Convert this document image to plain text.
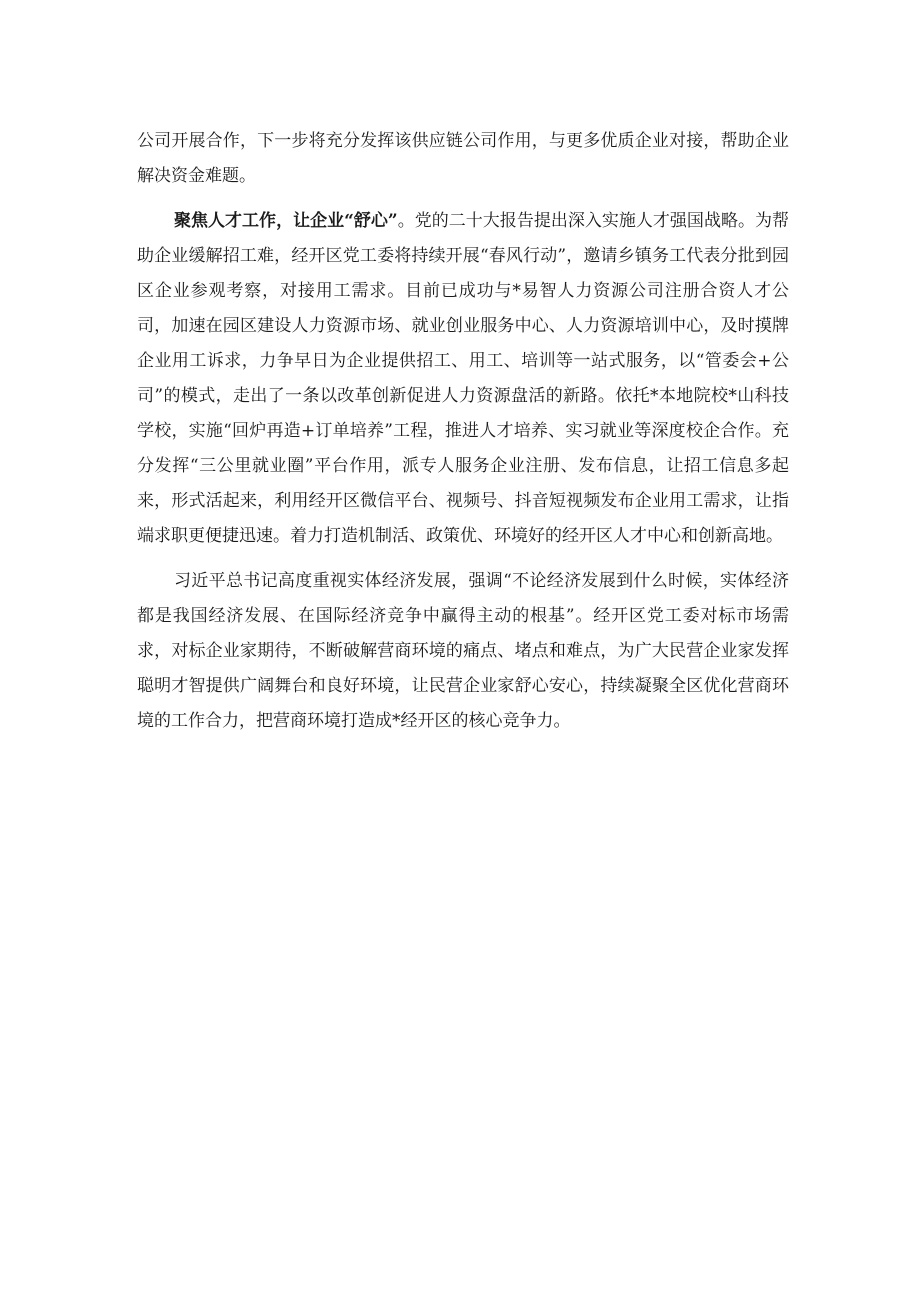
公司开展合作，下一步将充分发挥该供应链公司作用，与更多优质企业对接，帮助企业解决资金难题。

聚焦人才工作，让企业“舒心”。党的二十大报告提出深入实施人才强国战略。为帮助企业缓解招工难，经开区党工委将持续开展“春风行动”，邀请乡镇务工代表分批到园区企业参观考察，对接用工需求。目前已成功与*易智人力资源公司注册合资人才公司，加速在园区建设人力资源市场、就业创业服务中心、人力资源培训中心，及时摸牌企业用工诉求，力争早日为企业提供招工、用工、培训等一站式服务，以“管委会+公司”的模式，走出了一条以改革创新促进人力资源盘活的新路。依托*本地院校*山科技学校，实施“回炉再造+订单培养”工程，推进人才培养、实习就业等深度校企合作。充分发挥“三公里就业圈”平台作用，派专人服务企业注册、发布信息，让招工信息多起来，形式活起来，利用经开区微信平台、视频号、抖音短视频发布企业用工需求，让指端求职更便捷迅速。着力打造机制活、政策优、环境好的经开区人才中心和创新高地。

习近平总书记高度重视实体经济发展，强调“不论经济发展到什么时候，实体经济都是我国经济发展、在国际经济竞争中赢得主动的根基”。经开区党工委对标市场需求，对标企业家期待，不断破解营商环境的痛点、堵点和难点，为广大民营企业家发挥聪明才智提供广阔舞台和良好环境，让民营企业家舒心安心，持续凝聚全区优化营商环境的工作合力，把营商环境打造成*经开区的核心竞争力。
